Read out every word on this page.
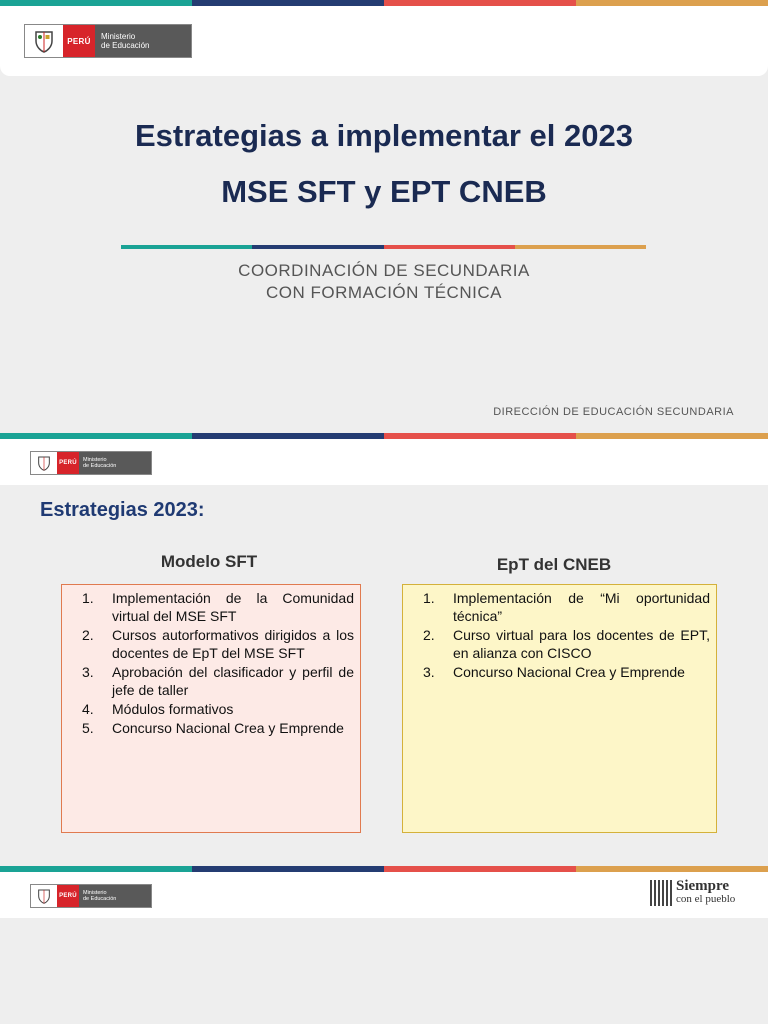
PERÚ	Ministerio
de Educación
Estrategias a implementar el 2023
MSE SFT y EPT CNEB
COORDINACIÓN DE SECUNDARIA
CON FORMACIÓN TÉCNICA
DIRECCIÓN DE EDUCACIÓN SECUNDARIA
PERÚ
Ministerio
de Educación
Estrategias 2023:
Modelo SFT	EpT del CNEB
1.	Implementación de la Comunidad virtual del MSE SFT
2.	Cursos autorformativos dirigidos a los docentes de EpT del MSE SFT
3.	Aprobación del clasificador y perfil de jefe de taller
4.	Módulos formativos
5.	Concurso Nacional Crea y Emprende
1.	Implementación de “Mi oportunidad técnica”
2.	Curso virtual para los docentes de EPT, en alianza con CISCO
3.	Concurso Nacional Crea y Emprende
PERÚ
Ministerio
de Educación
Siempre
con el pueblo
